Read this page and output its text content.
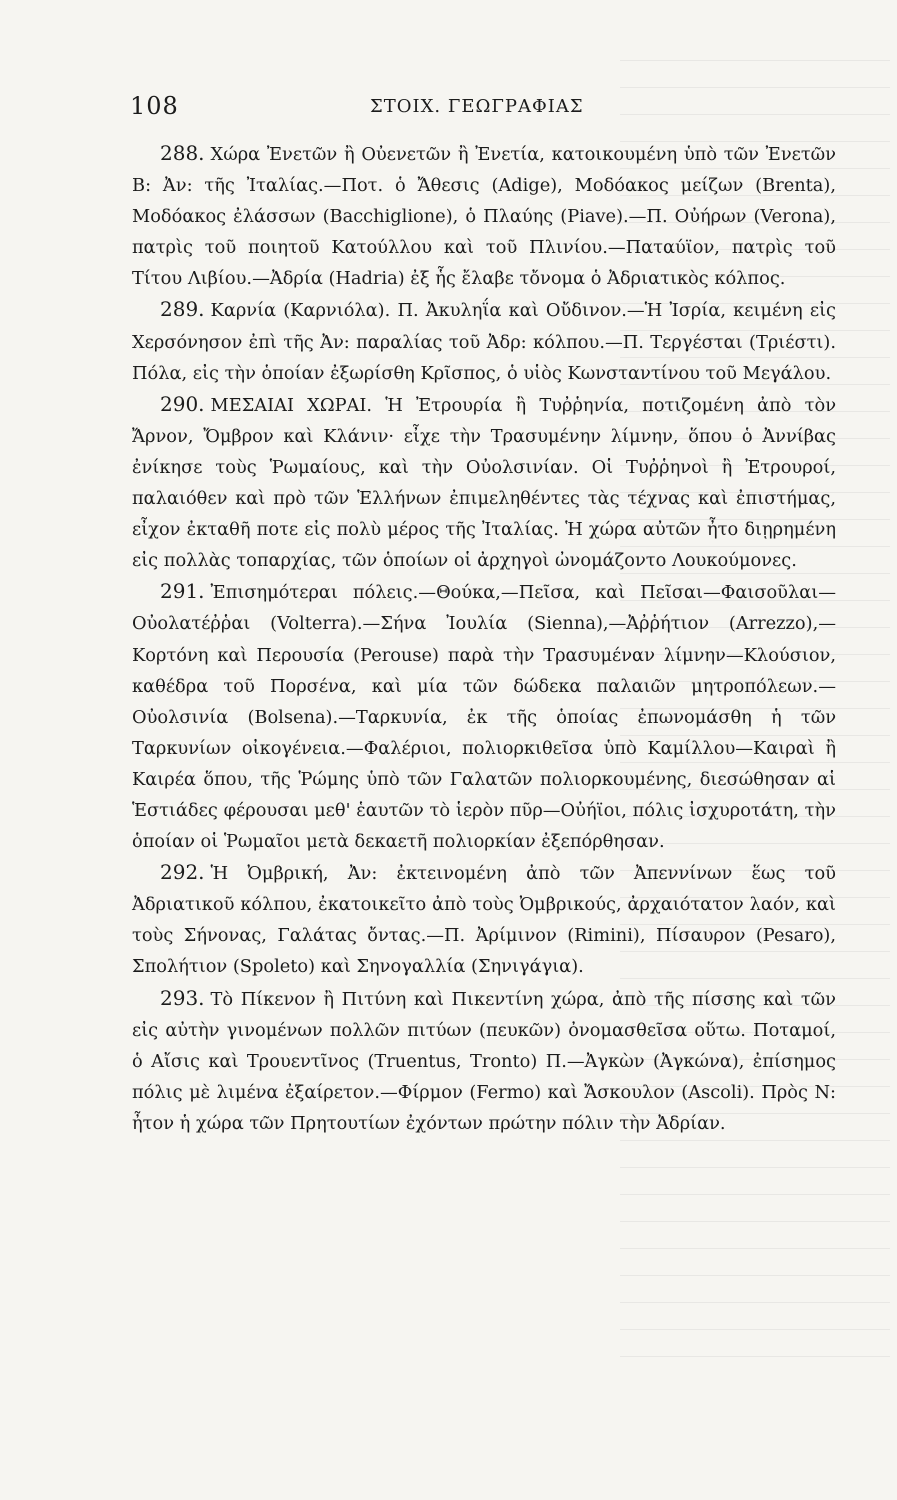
108	ΣΤΟΙΧ. ΓΕΩΓΡΑΦΙΑΣ

288. Χώρα Ἐνετῶν ἢ Οὐενετῶν ἢ Ἐνετία, κατοικουμένη ὑπὸ τῶν Ἐνετῶν Β: Ἀν: τῆς Ἰταλίας.—Ποτ. ὁ Ἄθεσις (Adige), Μοδόακος μείζων (Brenta), Μοδόακος ἐλάσσων (Bacchiglione), ὁ Πλαύης (Piave).—Π. Οὐήρων (Verona), πατρὶς τοῦ ποιητοῦ Κατούλλου καὶ τοῦ Πλινίου.—Παταύϊον, πατρὶς τοῦ Τίτου Λιβίου.—Ἀδρία (Hadria) ἐξ ἧς ἔλαβε τὄνομα ὁ Ἀδριατικὸς κόλπος.

289. Καρνία (Καρνιόλα). Π. Ἀκυληΐα καὶ Οὔδινον.—Ἡ Ἰσρία, κειμένη εἰς Χερσόνησον ἐπὶ τῆς Ἀν: παραλίας τοῦ Ἀδρ: κόλπου.—Π. Τεργέσται (Τριέστι). Πόλα, εἰς τὴν ὁποίαν ἐξωρίσθη Κρῖσπος, ὁ υἱὸς Κωνσταντίνου τοῦ Μεγάλου.

290. ΜΕΣΑΙΑΙ ΧΩΡΑΙ. Ἡ Ἐτρουρία ἢ Τυῤῥηνία, ποτιζομένη ἀπὸ τὸν Ἄρνον, Ὄμβρον καὶ Κλάνιν· εἶχε τὴν Τρασυμένην λίμνην, ὅπου ὁ Ἀννίβας ἐνίκησε τοὺς Ῥωμαίους, καὶ τὴν Οὐολσινίαν. Οἱ Τυῤῥηνοὶ ἢ Ἐτρουροί, παλαιόθεν καὶ πρὸ τῶν Ἑλλήνων ἐπιμεληθέντες τὰς τέχνας καὶ ἐπιστήμας, εἶχον ἐκταθῆ ποτε εἰς πολὺ μέρος τῆς Ἰταλίας. Ἡ χώρα αὐτῶν ἦτο διῃρημένη εἰς πολλὰς τοπαρχίας, τῶν ὁποίων οἱ ἀρχηγοὶ ὠνομάζοντο Λουκούμονες.

291. Ἐπισημότεραι πόλεις.—Θούκα,—Πεῖσα, καὶ Πεῖσαι—Φαισοῦλαι—Οὐολατέῤῥαι (Volterra).—Σήνα Ἰουλία (Sienna),—Ἀῤῥήτιον (Arrezzo),—Κορτόνη καὶ Περουσία (Perouse) παρὰ τὴν Τρασυμέναν λίμνην—Κλούσιον, καθέδρα τοῦ Πορσένα, καὶ μία τῶν δώδεκα παλαιῶν μητροπόλεων.—Οὐολσινία (Bolsena).—Ταρκυνία, ἐκ τῆς ὁποίας ἐπωνομάσθη ἡ τῶν Ταρκυνίων οἰκογένεια.—Φαλέριοι, πολιορκιθεῖσα ὑπὸ Καμίλλου—Καιραὶ ἢ Καιρέα ὅπου, τῆς Ῥώμης ὑπὸ τῶν Γαλατῶν πολιορκουμένης, διεσώθησαν αἱ Ἑστιάδες φέρουσαι μεθ' ἑαυτῶν τὸ ἱερὸν πῦρ—Οὐήϊοι, πόλις ἰσχυροτάτη, τὴν ὁποίαν οἱ Ῥωμαῖοι μετὰ δεκαετῆ πολιορκίαν ἐξεπόρθησαν.

292. Ἡ Ὀμβρική, Ἀν: ἐκτεινομένη ἀπὸ τῶν Ἀπεννίνων ἕως τοῦ Ἀδριατικοῦ κόλπου, ἐκατοικεῖτο ἀπὸ τοὺς Ὀμβρικούς, ἀρχαιότατον λαόν, καὶ τοὺς Σήνονας, Γαλάτας ὄντας.—Π. Ἀρίμινον (Rimini), Πίσαυρον (Pesaro), Σπολήτιον (Spoleto) καὶ Σηνογαλλία (Σηνιγάγια).

293. Τὸ Πίκενον ἢ Πιτύνη καὶ Πικεντίνη χώρα, ἀπὸ τῆς πίσσης καὶ τῶν εἰς αὐτὴν γινομένων πολλῶν πιτύων (πευκῶν) ὀνομασθεῖσα οὕτω. Ποταμοί, ὁ Αἴσις καὶ Τρουεντῖνος (Truentus, Tronto) Π.—Ἀγκὼν (Ἀγκώνα), ἐπίσημος πόλις μὲ λιμένα ἐξαίρετον.—Φίρμον (Fermo) καὶ Ἄσκουλον (Ascoli). Πρὸς Ν: ἦτον ἡ χώρα τῶν Πρητουτίων ἐχόντων πρώτην πόλιν τὴν Ἀδρίαν.
